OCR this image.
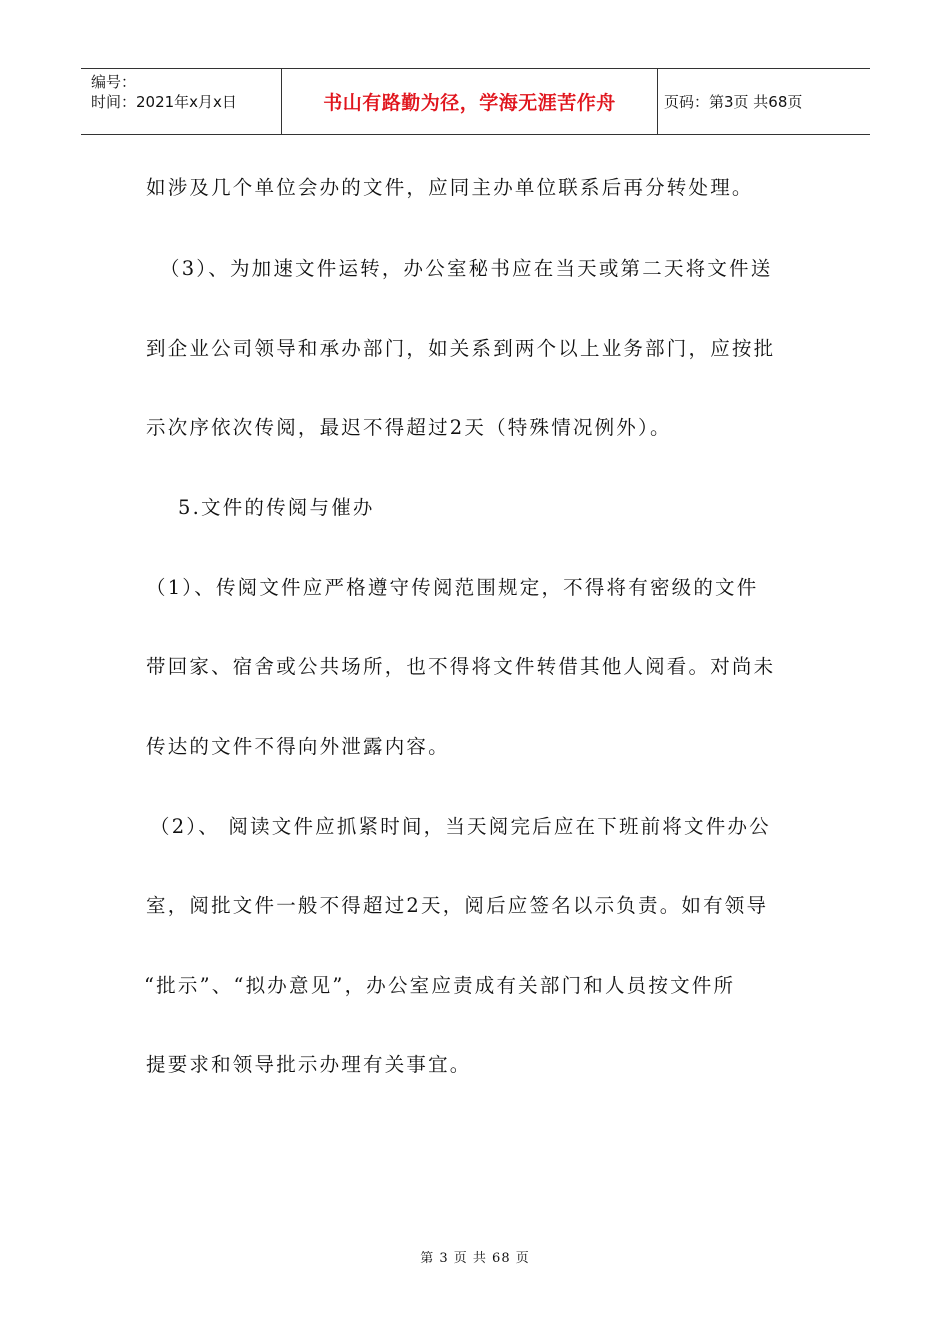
编号：
时间：2021年x月x日	书山有路勤为径，学海无涯苦作舟	页码：第3页 共68页

如涉及几个单位会办的文件，应同主办单位联系后再分转处理。

（3）、为加速文件运转，办公室秘书应在当天或第二天将文件送

到企业公司领导和承办部门，如关系到两个以上业务部门，应按批

示次序依次传阅，最迟不得超过2天（特殊情况例外）。

5.文件的传阅与催办

（1）、传阅文件应严格遵守传阅范围规定，不得将有密级的文件

带回家、宿舍或公共场所，也不得将文件转借其他人阅看。对尚未

传达的文件不得向外泄露内容。

（2）、 阅读文件应抓紧时间，当天阅完后应在下班前将文件办公

室，阅批文件一般不得超过2天，阅后应签名以示负责。如有领导

“批示”、“拟办意见”，办公室应责成有关部门和人员按文件所

提要求和领导批示办理有关事宜。

第 3 页 共 68 页
